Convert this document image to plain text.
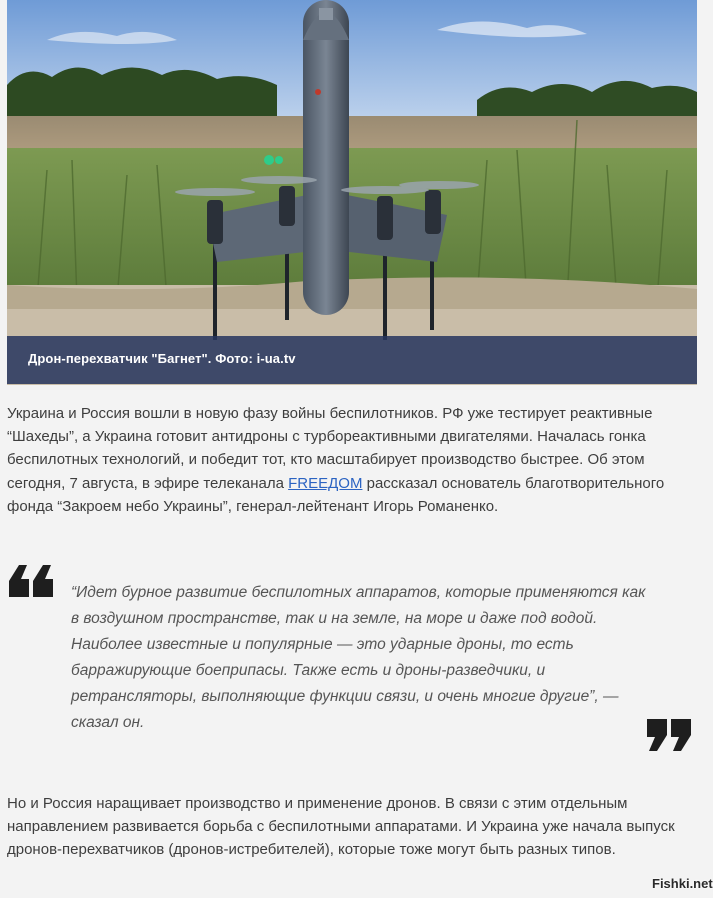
Дрон-перехватчик "Багнет". Фото: i-ua.tv

Украина и Россия вошли в новую фазу войны беспилотников. РФ уже тестирует реактивные “Шахеды”, а Украина готовит антидроны с турбореактивными двигателями. Началась гонка беспилотных технологий, и победит тот, кто масштабирует производство быстрее. Об этом сегодня, 7 августа, в эфире телеканала FREEДОМ рассказал основатель благотворительного фонда “Закроем небо Украины”, генерал-лейтенант Игорь Романенко.

“Идет бурное развитие беспилотных аппаратов, которые применяются как в воздушном пространстве, так и на земле, на море и даже под водой. Наиболее известные и популярные — это ударные дроны, то есть барражирующие боеприпасы. Также есть и дроны-разведчики, и ретрансляторы, выполняющие функции связи, и очень многие другие”, — сказал он.

Но и Россия наращивает производство и применение дронов. В связи с этим отдельным направлением развивается борьба с беспилотными аппаратами. И Украина уже начала выпуск дронов-перехватчиков (дронов-истребителей), которые тоже могут быть разных типов.

Fishki.net
